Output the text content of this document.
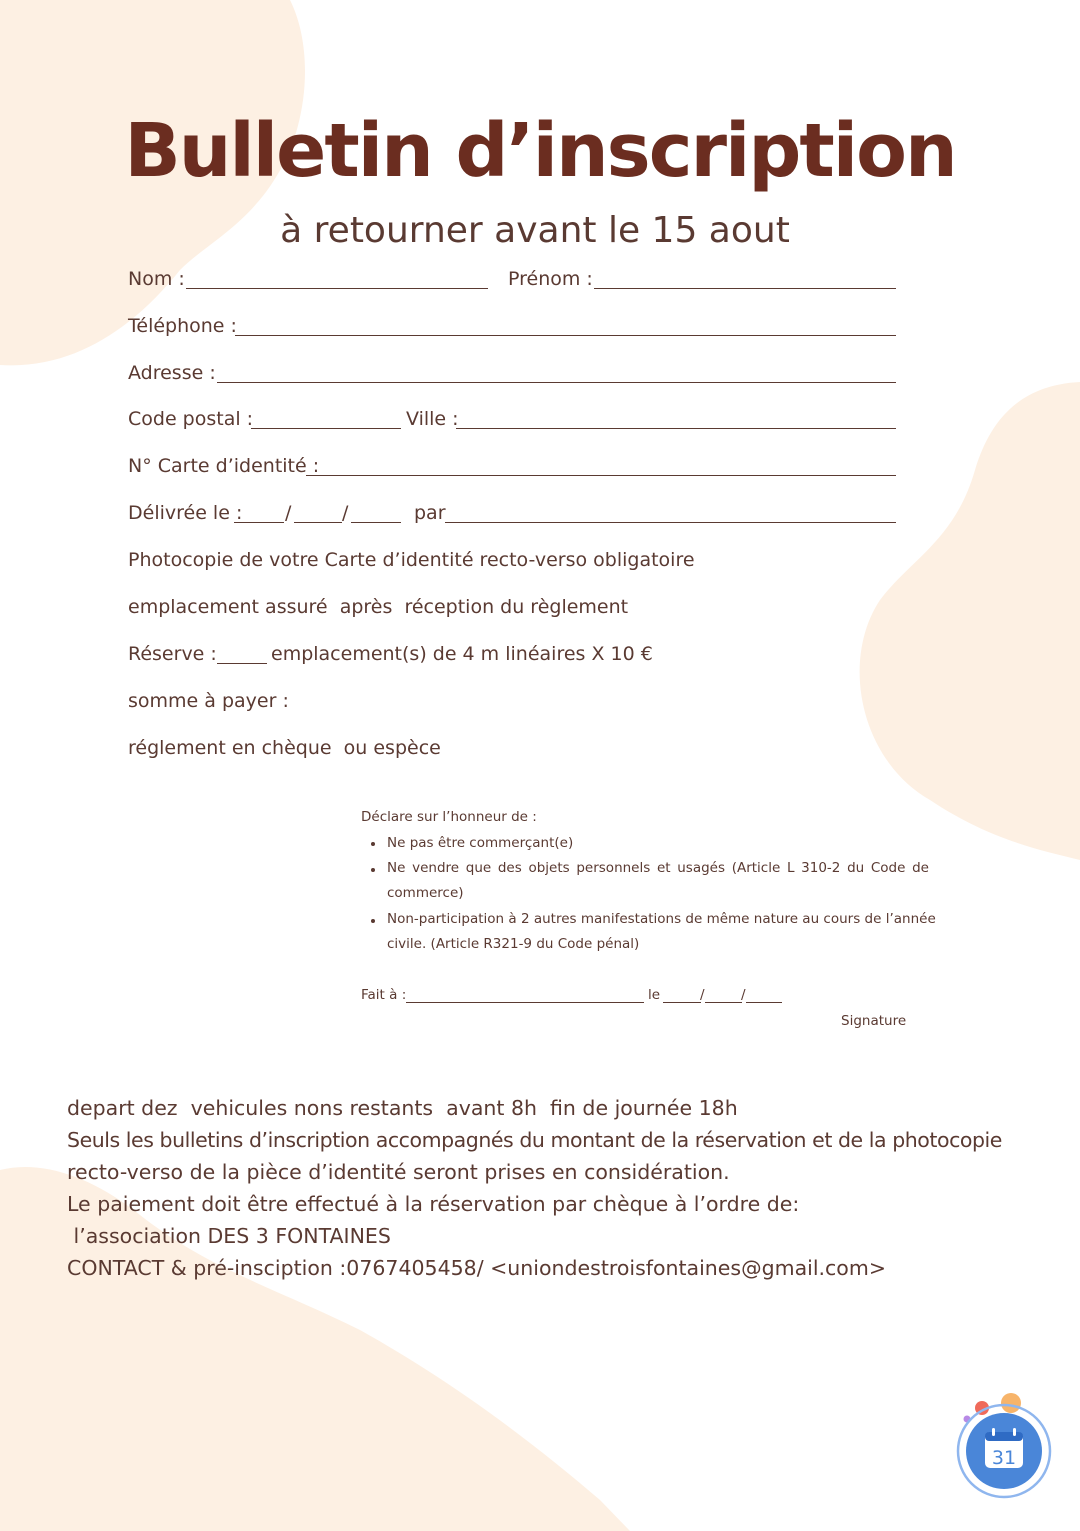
Bulletin d’inscription
à retourner avant le 15 aout
Nom :	Prénom :
Téléphone :
Adresse :
Code postal :	Ville :
N° Carte d’identité :
Délivrée le : /	/	par
Photocopie de votre Carte d’identité recto-verso obligatoire
emplacement assuré  après  réception du règlement
Réserve :	emplacement(s) de 4 m linéaires X 10 €
somme à payer :
réglement en chèque  ou espèce
Déclare sur l’honneur de :
Ne pas être commerçant(e)
Ne vendre que des objets personnels et usagés (Article L 310-2 du Code de
commerce)
Non-participation à 2 autres manifestations de même nature au cours de l’année
civile. (Article R321-9 du Code pénal)
Fait à :	le	/	/
Signature
depart dez  vehicules nons restants  avant 8h  fin de journée 18h
Seuls les bulletins d’inscription accompagnés du montant de la réservation et de la photocopie
recto-verso de la pièce d’identité seront prises en considération.
Le paiement doit être effectué à la réservation par chèque à l’ordre de:
l’association DES 3 FONTAINES
CONTACT & pré-insciption :0767405458/ <uniondestroisfontaines@gmail.com>
31
